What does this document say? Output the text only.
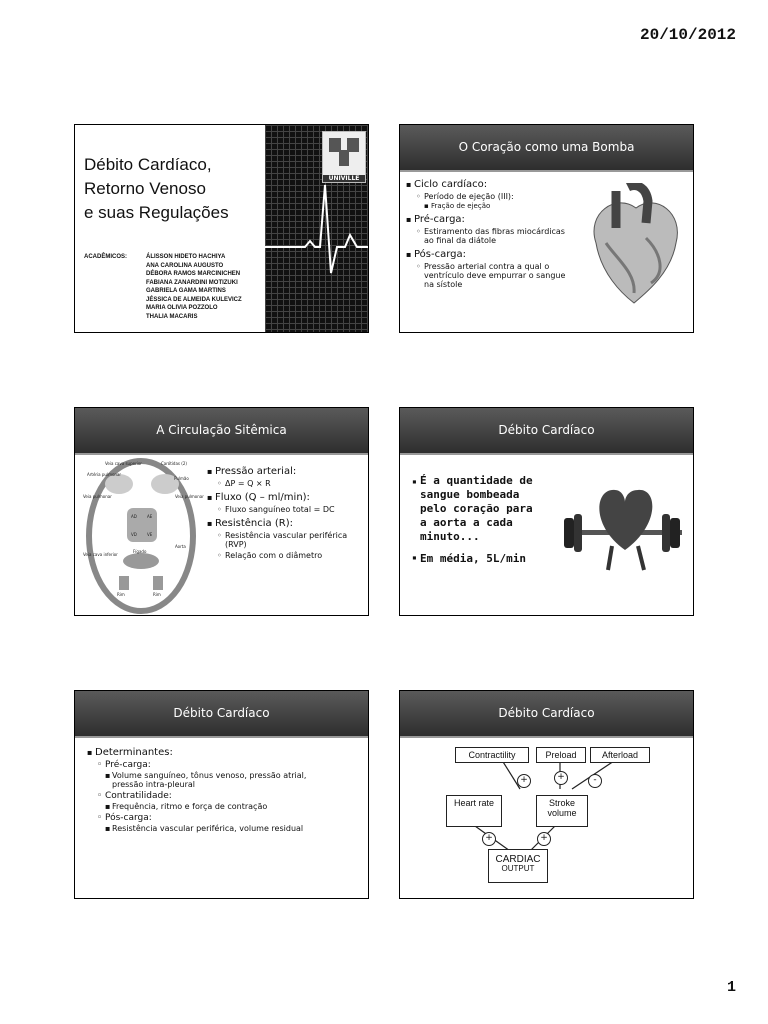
20/10/2012
Débito Cardíaco,
Retorno Venoso
e suas Regulações
ACADÊMICOS:	ÁLISSON HIDETO HACHIYA
ANA CAROLINA AUGUSTO
DÉBORA RAMOS MARCINICHEN
FABIANA ZANARDINI MOTIZUKI
GABRIELA GAMA MARTINS
JÉSSICA DE ALMEIDA KULEVICZ
MARIA OLIVIA POZZOLO
THALIA MACARIS
UNIVILLE
O Coração como uma Bomba
▪ Ciclo cardíaco:
◦ Período de ejeção (III):
▪ Fração de ejeção
▪ Pré-carga:
◦ Estiramento das fibras miocárdicas ao final da diátole
▪ Pós-carga:
◦ Pressão arterial contra a qual o ventrículo deve empurrar o sangue na sístole
A Circulação Sitêmica
Veia cava superior	Carótidas (2)
Artéria pulmonar
Pulmão
Veia pulmonar	Veia pulmonar
AD	AE
VD	VE
Fígado
Aorta
Veia cava inferior
Rim	Rim
▪ Pressão arterial:
◦ ΔP = Q × R
▪ Fluxo (Q – ml/min):
◦ Fluxo sanguíneo total = DC
▪ Resistência (R):
◦ Resistência vascular periférica (RVP)
◦ Relação com o diâmetro
Débito Cardíaco
▪ É a quantidade de sangue bombeada pelo coração para a aorta a cada minuto...
▪ Em média, 5L/min
Débito Cardíaco
▪ Determinantes:
◦ Pré-carga:
▪ Volume sanguíneo, tônus venoso, pressão atrial, pressão intra-pleural
◦ Contratilidade:
▪ Frequência, ritmo e força de contração
◦ Pós-carga:
▪ Resistência vascular periférica, volume residual
Débito Cardíaco
Contractility	Preload	Afterload
Heart rate	Stroke volume
CARDIAC
OUTPUT
+	+	-
+	+
1
